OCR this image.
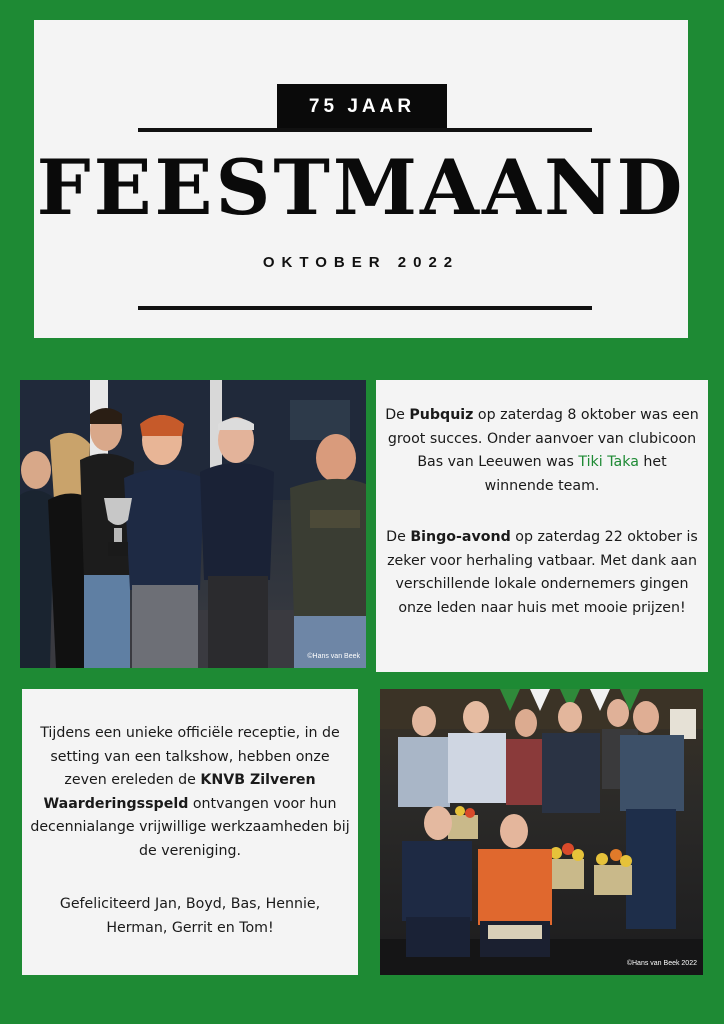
75 JAAR
FEESTMAAND
OKTOBER 2022
©Hans van Beek
De Pubquiz op zaterdag 8 oktober was een groot succes. Onder aanvoer van clubicoon Bas van Leeuwen was Tiki Taka het winnende team.
De Bingo-avond op zaterdag 22 oktober is zeker voor herhaling vatbaar. Met dank aan verschillende lokale ondernemers gingen onze leden naar huis met mooie prijzen!
Tijdens een unieke officiële receptie, in de setting van een talkshow, hebben onze zeven ereleden de KNVB Zilveren Waarderingsspeld ontvangen voor hun decennialange vrijwillige werkzaamheden bij de vereniging.
Gefeliciteerd Jan, Boyd, Bas, Hennie, Herman, Gerrit en Tom!
©Hans van Beek 2022
